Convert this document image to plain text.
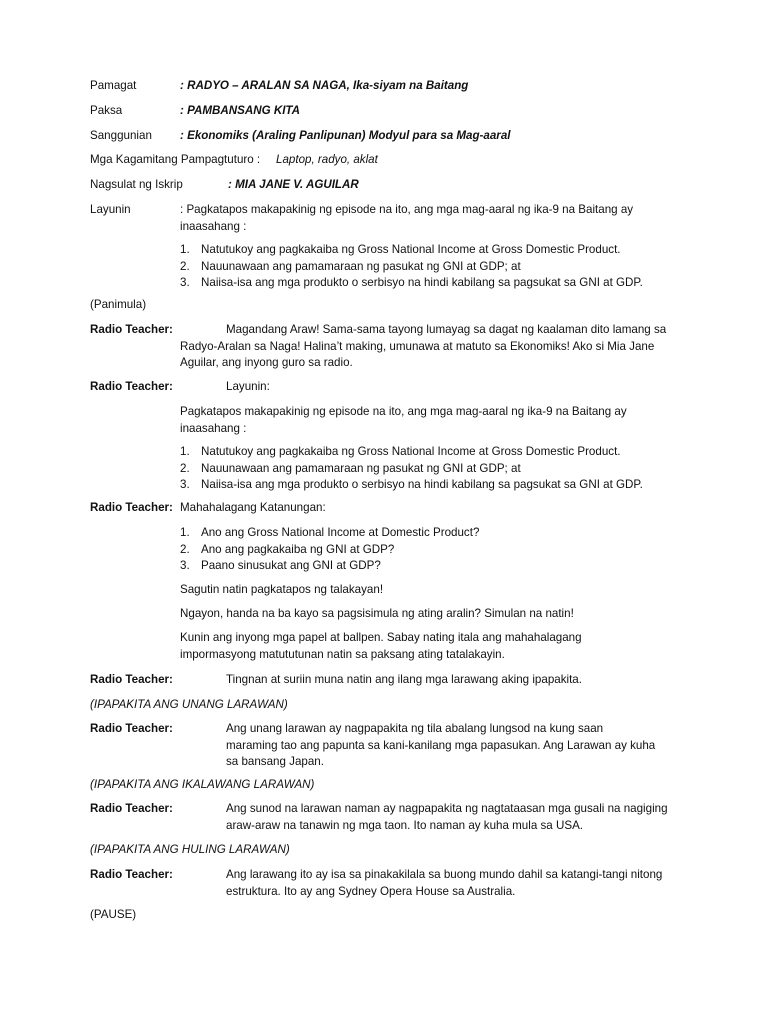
Pamagat	: RADYO – ARALAN SA NAGA, Ika-siyam na Baitang
Paksa	: PAMBANSANG KITA
Sanggunian : Ekonomiks (Araling Panlipunan) Modyul para sa Mag-aaral
Mga Kagamitang Pampagtuturo : Laptop, radyo, aklat
Nagsulat ng Iskrip	: MIA JANE V. AGUILAR
Layunin	: Pagkatapos makapakinig ng episode na ito, ang mga mag-aaral ng ika-9 na Baitang ay inaasahang :
1. Natutukoy ang pagkakaiba ng Gross National Income at Gross Domestic Product.
2. Nauunawaan ang pamamaraan ng pasukat ng GNI at GDP; at
3. Naiisa-isa ang mga produkto o serbisyo na hindi kabilang sa pagsukat sa GNI at GDP.
(Panimula)
Radio Teacher:	Magandang Araw! Sama-sama tayong lumayag sa dagat ng kaalaman dito lamang sa Radyo-Aralan sa Naga! Halina’t making, umunawa at matuto sa Ekonomiks! Ako si Mia Jane Aguilar, ang inyong guro sa radio.
Radio Teacher:	Layunin:
Pagkatapos makapakinig ng episode na ito, ang mga mag-aaral ng ika-9 na Baitang ay inaasahang :
1. Natutukoy ang pagkakaiba ng Gross National Income at Gross Domestic Product.
2. Nauunawaan ang pamamaraan ng pasukat ng GNI at GDP; at
3. Naiisa-isa ang mga produkto o serbisyo na hindi kabilang sa pagsukat sa GNI at GDP.
Radio Teacher: Mahahalagang Katanungan:
1. Ano ang Gross National Income at Domestic Product?
2. Ano ang pagkakaiba ng GNI at GDP?
3. Paano sinusukat ang GNI at GDP?
Sagutin natin pagkatapos ng talakayan!
Ngayon, handa na ba kayo sa pagsisimula ng ating aralin? Simulan na natin!
Kunin ang inyong mga papel at ballpen. Sabay nating itala ang mahahalagang impormasyong matututunan natin sa paksang ating tatalakayin.
Radio Teacher:	Tingnan at suriin muna natin ang ilang mga larawang aking ipapakita.
(IPAPAKITA ANG UNANG LARAWAN)
Radio Teacher:	Ang unang larawan ay nagpapakita ng tila abalang lungsod na kung saan maraming tao ang papunta sa kani-kanilang mga papasukan. Ang Larawan ay kuha sa bansang Japan.
(IPAPAKITA ANG IKALAWANG LARAWAN)
Radio Teacher:	Ang sunod na larawan naman ay nagpapakita ng nagtataasan mga gusali na nagiging araw-araw na tanawin ng mga taon. Ito naman ay kuha mula sa USA.
(IPAPAKITA ANG HULING LARAWAN)
Radio Teacher:	Ang larawang ito ay isa sa pinakakilala sa buong mundo dahil sa katangi-tangi nitong estruktura. Ito ay ang Sydney Opera House sa Australia.
(PAUSE)
